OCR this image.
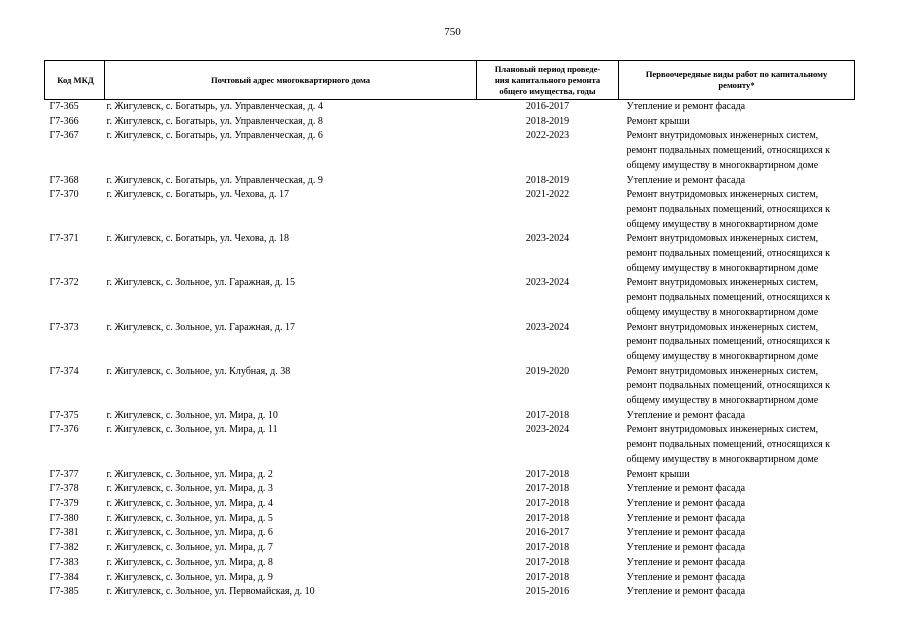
750
Код МКД	Почтовый адрес многоквартирного дома	Плановый период проведе-
ния капитального ремонта
общего имущества, годы	Первоочередные виды работ по капитальному
ремонту*

Г7-365	г. Жигулевск, с. Богатырь, ул. Управленческая, д. 4	2016-2017	Утепление и ремонт фасада

Г7-366	г. Жигулевск, с. Богатырь, ул. Управленческая, д. 8	2018-2019	Ремонт крыши

Г7-367	г. Жигулевск, с. Богатырь, ул. Управленческая, д. 6	2022-2023	Ремонт внутридомовых инженерных систем,
ремонт подвальных помещений, относящихся к
общему имуществу в многоквартирном доме

Г7-368	г. Жигулевск, с. Богатырь, ул. Управленческая, д. 9	2018-2019	Утепление и ремонт фасада

Г7-370	г. Жигулевск, с. Богатырь, ул. Чехова, д. 17	2021-2022	Ремонт внутридомовых инженерных систем,
ремонт подвальных помещений, относящихся к
общему имуществу в многоквартирном доме

Г7-371	г. Жигулевск, с. Богатырь, ул. Чехова, д. 18	2023-2024	Ремонт внутридомовых инженерных систем,
ремонт подвальных помещений, относящихся к
общему имуществу в многоквартирном доме

Г7-372	г. Жигулевск, с. Зольное, ул. Гаражная, д. 15	2023-2024	Ремонт внутридомовых инженерных систем,
ремонт подвальных помещений, относящихся к
общему имуществу в многоквартирном доме

Г7-373	г. Жигулевск, с. Зольное, ул. Гаражная, д. 17	2023-2024	Ремонт внутридомовых инженерных систем,
ремонт подвальных помещений, относящихся к
общему имуществу в многоквартирном доме

Г7-374	г. Жигулевск, с. Зольное, ул. Клубная, д. 38	2019-2020	Ремонт внутридомовых инженерных систем,
ремонт подвальных помещений, относящихся к
общему имуществу в многоквартирном доме

Г7-375	г. Жигулевск, с. Зольное, ул. Мира, д. 10	2017-2018	Утепление и ремонт фасада

Г7-376	г. Жигулевск, с. Зольное, ул. Мира, д. 11	2023-2024	Ремонт внутридомовых инженерных систем,
ремонт подвальных помещений, относящихся к
общему имуществу в многоквартирном доме

Г7-377	г. Жигулевск, с. Зольное, ул. Мира, д. 2	2017-2018	Ремонт крыши

Г7-378	г. Жигулевск, с. Зольное, ул. Мира, д. 3	2017-2018	Утепление и ремонт фасада

Г7-379	г. Жигулевск, с. Зольное, ул. Мира, д. 4	2017-2018	Утепление и ремонт фасада

Г7-380	г. Жигулевск, с. Зольное, ул. Мира, д. 5	2017-2018	Утепление и ремонт фасада

Г7-381	г. Жигулевск, с. Зольное, ул. Мира, д. 6	2016-2017	Утепление и ремонт фасада

Г7-382	г. Жигулевск, с. Зольное, ул. Мира, д. 7	2017-2018	Утепление и ремонт фасада

Г7-383	г. Жигулевск, с. Зольное, ул. Мира, д. 8	2017-2018	Утепление и ремонт фасада

Г7-384	г. Жигулевск, с. Зольное, ул. Мира, д. 9	2017-2018	Утепление и ремонт фасада

Г7-385	г. Жигулевск, с. Зольное, ул. Первомайская, д. 10	2015-2016	Утепление и ремонт фасада
